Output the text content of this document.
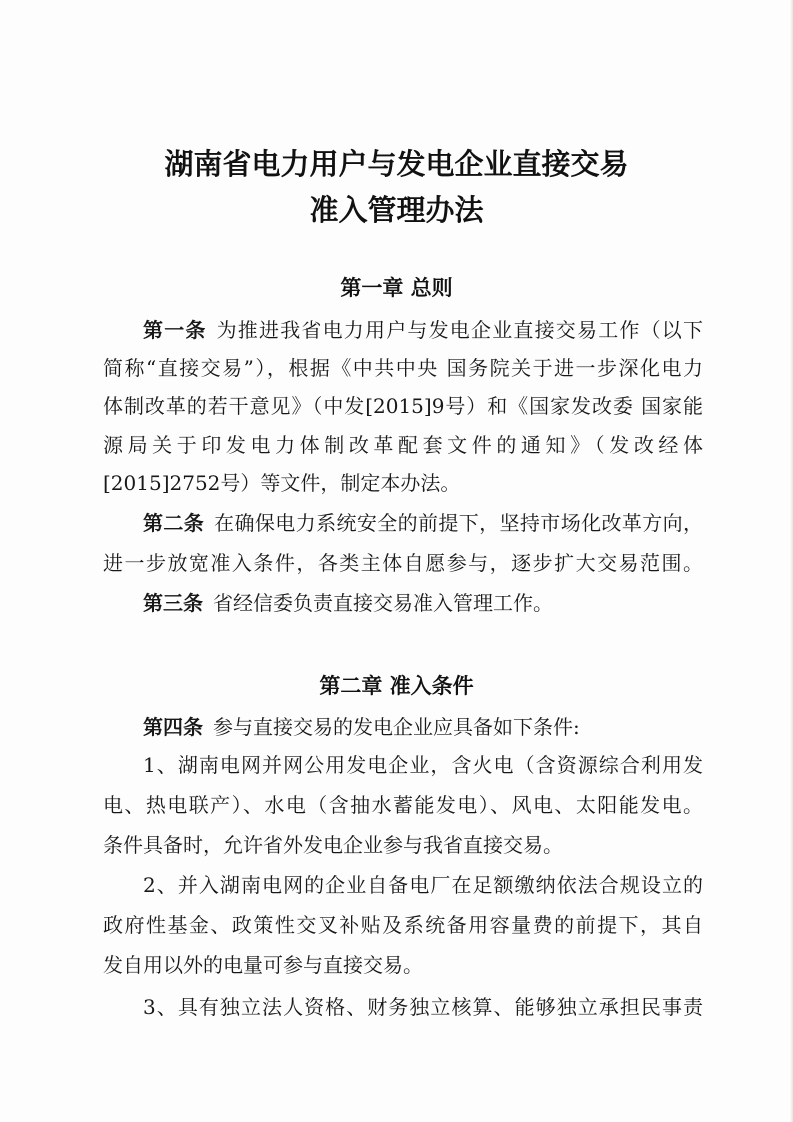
湖南省电力用户与发电企业直接交易
准入管理办法
第一章 总则
第一条 为推进我省电力用户与发电企业直接交易工作（以下
简称“直接交易”），根据《中共中央 国务院关于进一步深化电力
体制改革的若干意见》（中发[2015]9号）和《国家发改委 国家能
源局关于印发电力体制改革配套文件的通知》（发改经体
[2015]2752号）等文件，制定本办法。
第二条 在确保电力系统安全的前提下，坚持市场化改革方向，
进一步放宽准入条件，各类主体自愿参与，逐步扩大交易范围。
第三条 省经信委负责直接交易准入管理工作。
第二章 准入条件
第四条 参与直接交易的发电企业应具备如下条件:
1、湖南电网并网公用发电企业，含火电（含资源综合利用发
电、热电联产）、水电（含抽水蓄能发电）、风电、太阳能发电。
条件具备时，允许省外发电企业参与我省直接交易。
2、并入湖南电网的企业自备电厂在足额缴纳依法合规设立的
政府性基金、政策性交叉补贴及系统备用容量费的前提下，其自
发自用以外的电量可参与直接交易。
3、具有独立法人资格、财务独立核算、能够独立承担民事责
